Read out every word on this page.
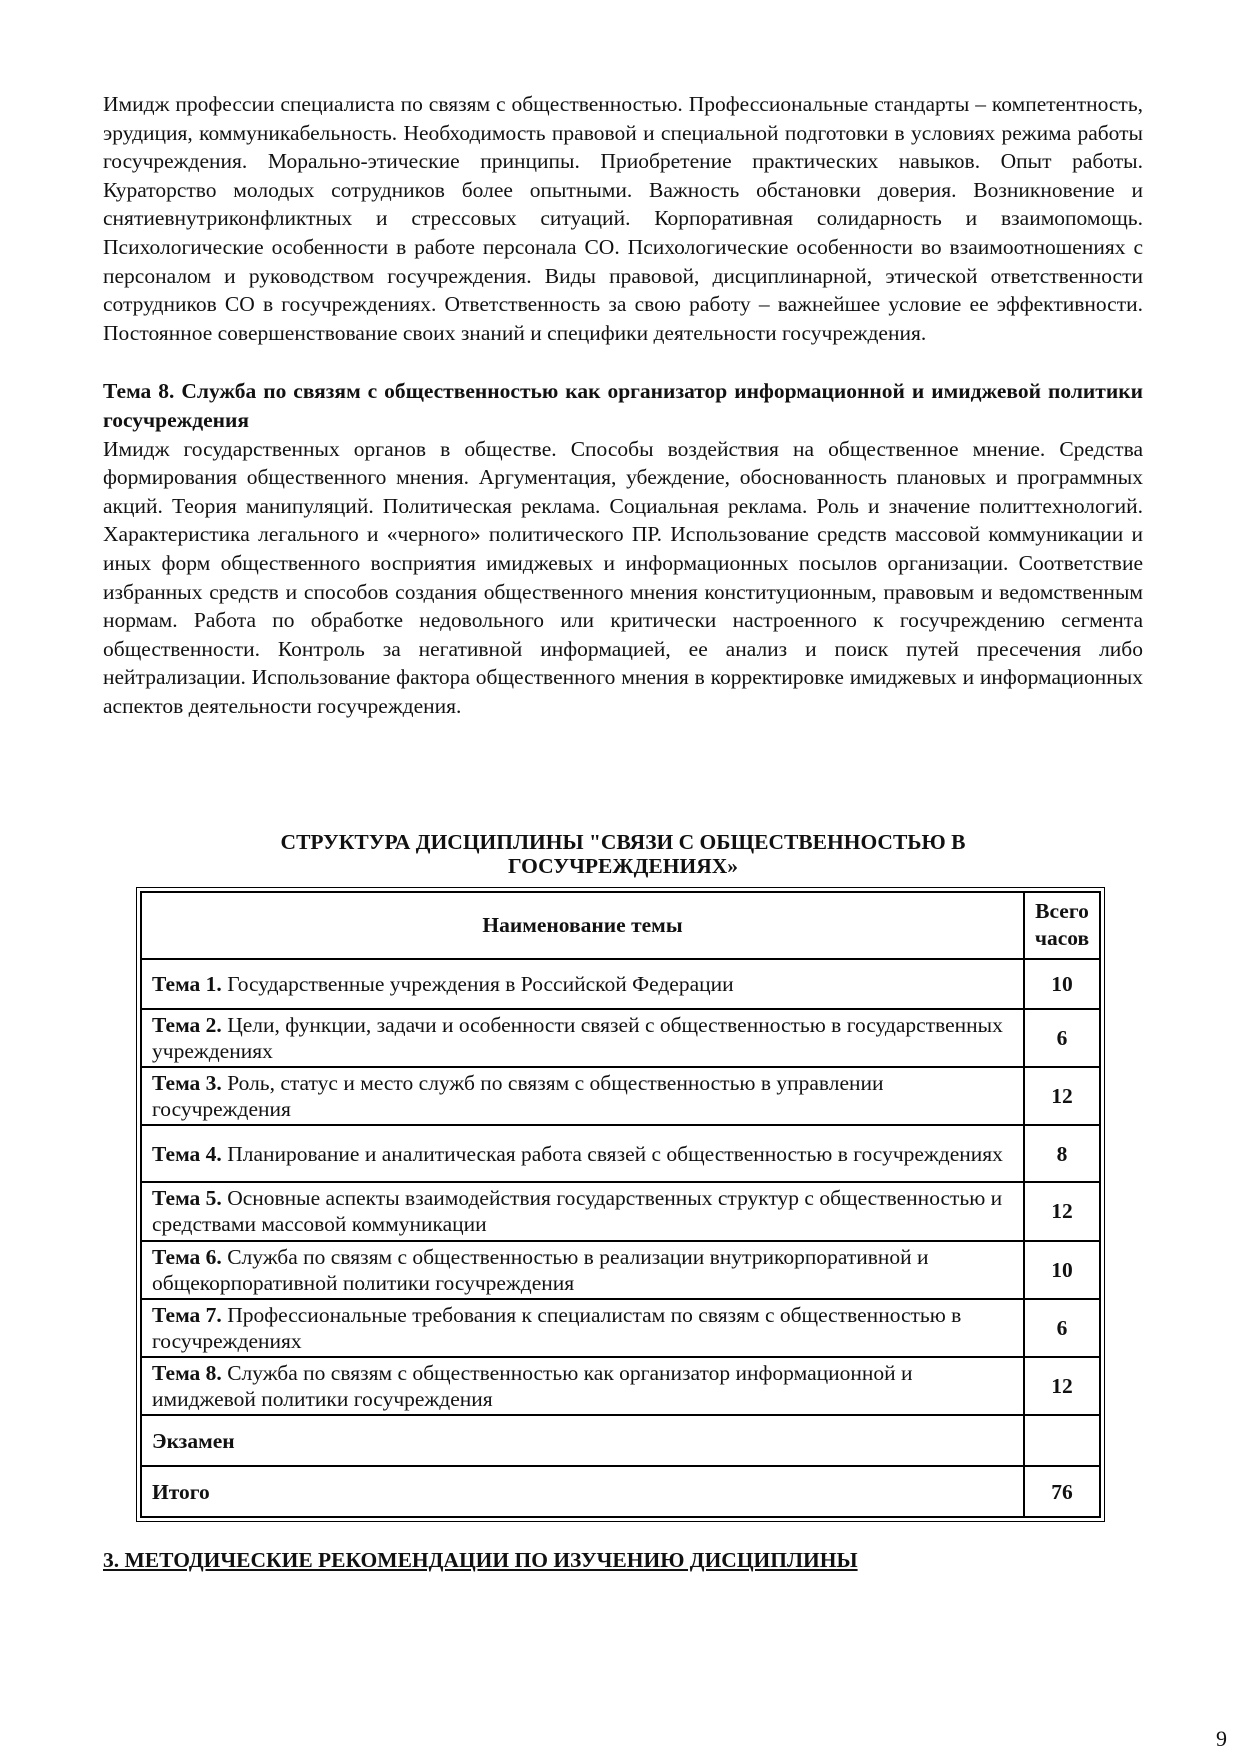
Имидж профессии специалиста по связям с общественностью. Профессиональные стандарты – компетентность, эрудиция, коммуникабельность. Необходимость правовой и специальной подготовки в условиях режима работы госучреждения. Морально-этические принципы. Приобретение практических навыков. Опыт работы. Кураторство молодых сотрудников более опытными. Важность обстановки доверия. Возникновение и снятиевнутриконфликтных и стрессовых ситуаций. Корпоративная солидарность и взаимопомощь. Психологические особенности в работе персонала СО. Психологические особенности во взаимоотношениях с персоналом и руководством госучреждения. Виды правовой, дисциплинарной, этической ответственности сотрудников СО в госучреждениях. Ответственность за свою работу – важнейшее условие ее эффективности. Постоянное совершенствование своих знаний и специфики деятельности госучреждения.

Тема 8. Служба по связям с общественностью как организатор информационной и имиджевой политики госучреждения

Имидж государственных органов в обществе. Способы воздействия на общественное мнение. Средства формирования общественного мнения. Аргументация, убеждение, обоснованность плановых и программных акций. Теория манипуляций. Политическая реклама. Социальная реклама. Роль и значение политтехнологий. Характеристика легального и «черного» политического ПР. Использование средств массовой коммуникации и иных форм общественного восприятия имиджевых и информационных посылов организации. Соответствие избранных средств и способов создания общественного мнения конституционным, правовым и ведомственным нормам. Работа по обработке недовольного или критически настроенного к госучреждению сегмента общественности. Контроль за негативной информацией, ее анализ и поиск путей пресечения либо нейтрализации. Использование фактора общественного мнения в корректировке имиджевых и информационных аспектов деятельности госучреждения.

СТРУКТУРА ДИСЦИПЛИНЫ "СВЯЗИ С ОБЩЕСТВЕННОСТЬЮ В
ГОСУЧРЕЖДЕНИЯХ»
Наименование темы	Всего
часов

Тема 1. Государственные учреждения в Российской Федерации	10
Тема 2. Цели, функции, задачи и особенности связей с общественностью в государственных учреждениях	6
Тема 3. Роль, статус и место служб по связям с общественностью в управлении госучреждения	12
Тема 4. Планирование и аналитическая работа связей с общественностью в госучреждениях	8
Тема 5. Основные аспекты взаимодействия государственных структур с общественностью и средствами массовой коммуникации	12
Тема 6. Служба по связям с общественностью в реализации внутрикорпоративной и общекорпоративной политики госучреждения	10
Тема 7. Профессиональные требования к специалистам по связям с общественностью в госучреждениях	6
Тема 8. Служба по связям с общественностью как организатор информационной и имиджевой политики госучреждения	12
Экзамен	
Итого	76
3. МЕТОДИЧЕСКИЕ РЕКОМЕНДАЦИИ ПО ИЗУЧЕНИЮ ДИСЦИПЛИНЫ
9
